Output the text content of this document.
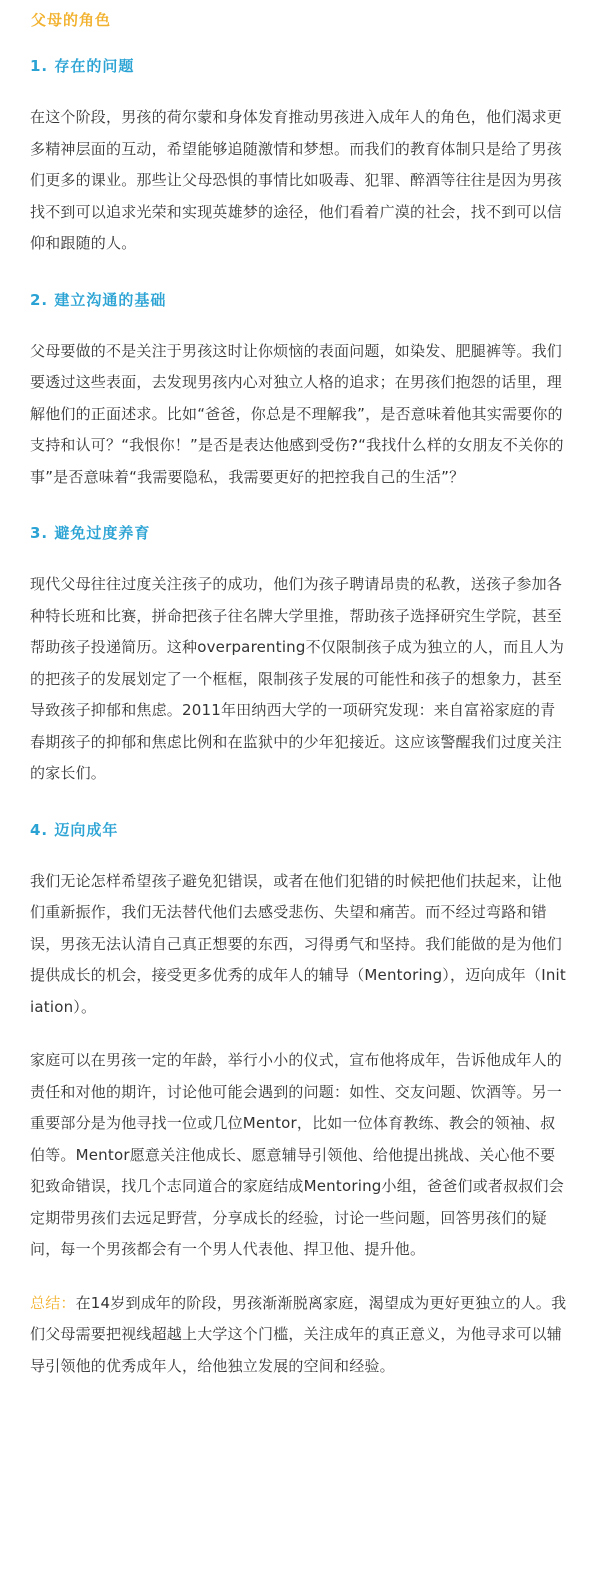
父母的角色
1. 存在的问题

在这个阶段，男孩的荷尔蒙和身体发育推动男孩进入成年人的角色，他们渴求更多精神层面的互动，希望能够追随激情和梦想。而我们的教育体制只是给了男孩们更多的课业。那些让父母恐惧的事情比如吸毒、犯罪、醉酒等往往是因为男孩找不到可以追求光荣和实现英雄梦的途径，他们看着广漠的社会，找不到可以信仰和跟随的人。

2. 建立沟通的基础

父母要做的不是关注于男孩这时让你烦恼的表面问题，如染发、肥腿裤等。我们要透过这些表面，去发现男孩内心对独立人格的追求；在男孩们抱怨的话里，理解他们的正面述求。比如“爸爸，你总是不理解我”，是否意味着他其实需要你的支持和认可？“我恨你！”是否是表达他感到受伤?“我找什么样的女朋友不关你的事”是否意味着“我需要隐私，我需要更好的把控我自己的生活”？

3. 避免过度养育

现代父母往往过度关注孩子的成功，他们为孩子聘请昂贵的私教，送孩子参加各种特长班和比赛，拼命把孩子往名牌大学里推，帮助孩子选择研究生学院，甚至帮助孩子投递简历。这种overparenting不仅限制孩子成为独立的人，而且人为的把孩子的发展划定了一个框框，限制孩子发展的可能性和孩子的想象力，甚至导致孩子抑郁和焦虑。2011年田纳西大学的一项研究发现：来自富裕家庭的青春期孩子的抑郁和焦虑比例和在监狱中的少年犯接近。这应该警醒我们过度关注的家长们。

4. 迈向成年

我们无论怎样希望孩子避免犯错误，或者在他们犯错的时候把他们扶起来，让他们重新振作，我们无法替代他们去感受悲伤、失望和痛苦。而不经过弯路和错误，男孩无法认清自己真正想要的东西，习得勇气和坚持。我们能做的是为他们提供成长的机会，接受更多优秀的成年人的辅导（Mentoring），迈向成年（Initiation）。

家庭可以在男孩一定的年龄，举行小小的仪式，宣布他将成年，告诉他成年人的责任和对他的期许，讨论他可能会遇到的问题：如性、交友问题、饮酒等。另一重要部分是为他寻找一位或几位Mentor，比如一位体育教练、教会的领袖、叔伯等。Mentor愿意关注他成长、愿意辅导引领他、给他提出挑战、关心他不要犯致命错误，找几个志同道合的家庭结成Mentoring小组，爸爸们或者叔叔们会定期带男孩们去远足野营，分享成长的经验，讨论一些问题，回答男孩们的疑问，每一个男孩都会有一个男人代表他、捍卫他、提升他。

总结：在14岁到成年的阶段，男孩渐渐脱离家庭，渴望成为更好更独立的人。我们父母需要把视线超越上大学这个门槛，关注成年的真正意义，为他寻求可以辅导引领他的优秀成年人，给他独立发展的空间和经验。
